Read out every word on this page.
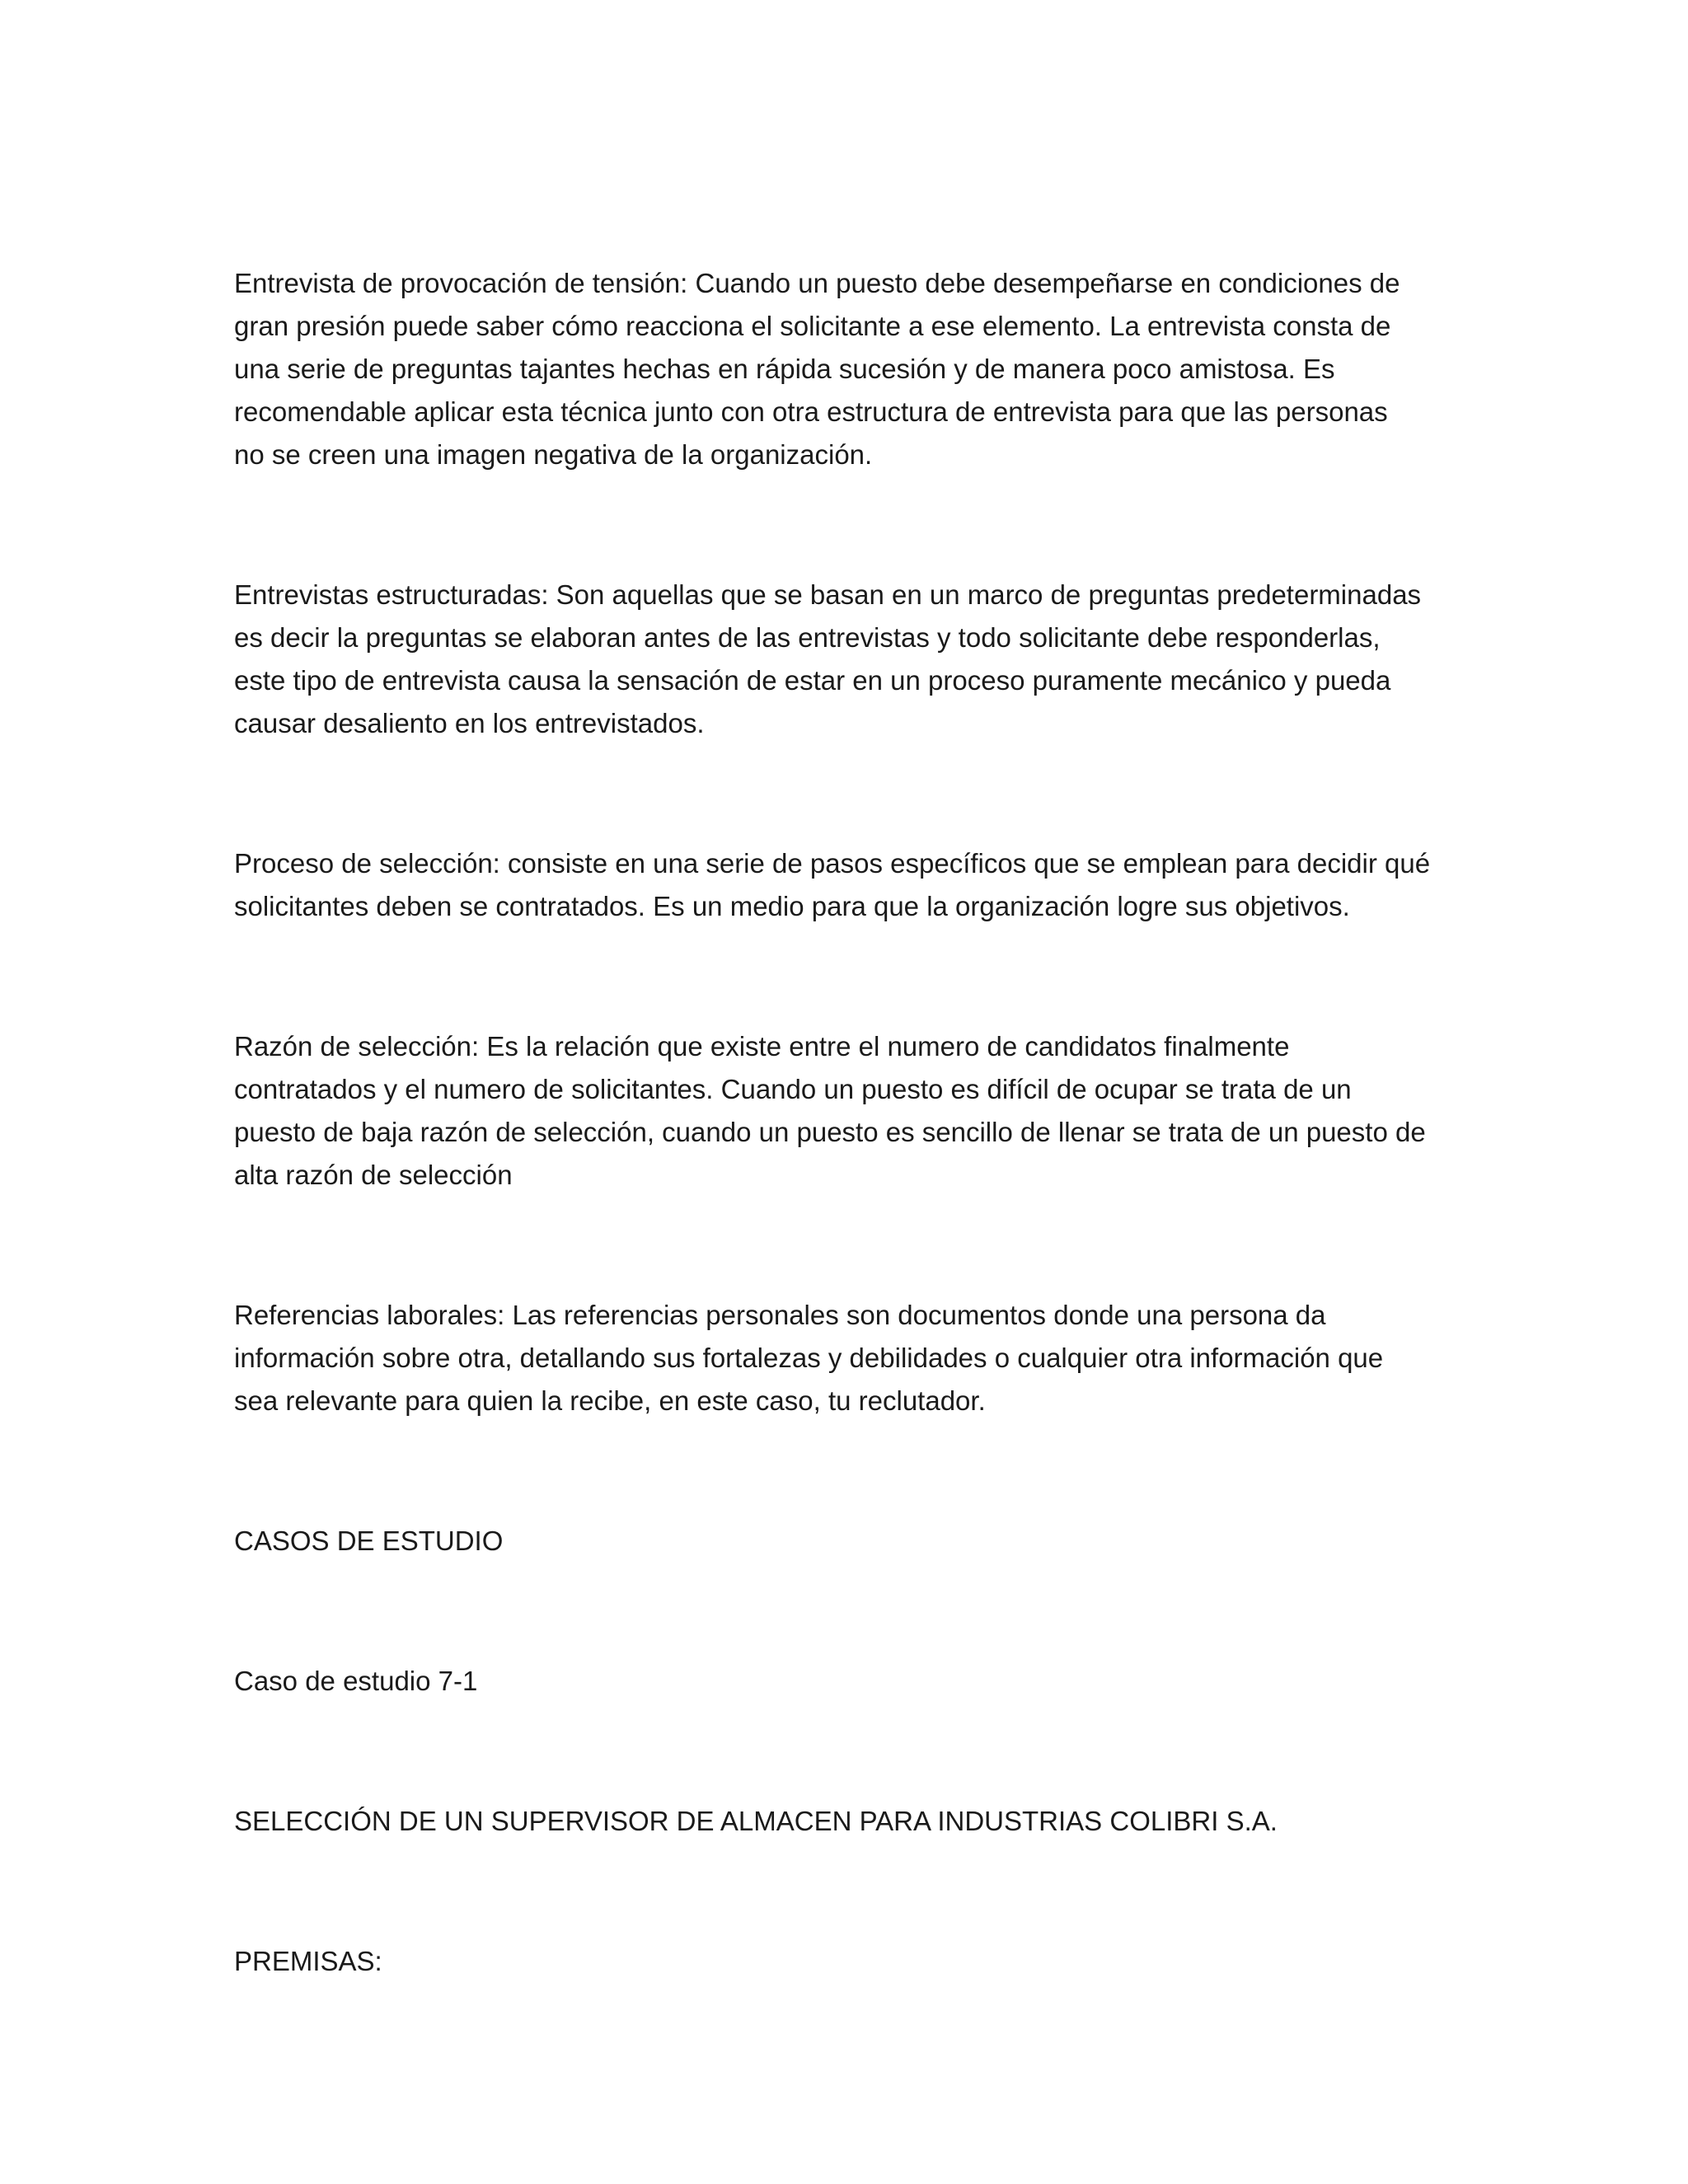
Entrevista de provocación de tensión: Cuando un puesto debe desempeñarse en condiciones de
gran presión puede saber cómo reacciona el solicitante a ese elemento. La entrevista consta de
una serie de preguntas tajantes hechas en rápida sucesión y de manera poco amistosa. Es
recomendable aplicar esta técnica junto con otra estructura de entrevista para que las personas
no se creen una imagen negativa de la organización.

Entrevistas estructuradas: Son aquellas que se basan en un marco de preguntas predeterminadas
es decir la preguntas se elaboran antes de las entrevistas y todo solicitante debe responderlas,
este tipo de entrevista causa la sensación de estar en un proceso puramente mecánico y pueda
causar desaliento en los entrevistados.

Proceso de selección: consiste en una serie de pasos específicos que se emplean para decidir qué
solicitantes deben se contratados. Es un medio para que la organización logre sus objetivos.

Razón de selección: Es la relación que existe entre el numero de candidatos finalmente
contratados y el numero de solicitantes. Cuando un puesto es difícil de ocupar se trata de un
puesto de baja razón de selección, cuando un puesto es sencillo de llenar se trata de un puesto de
alta razón de selección

Referencias laborales: Las referencias personales son documentos donde una persona da
información sobre otra, detallando sus fortalezas y debilidades o cualquier otra información que
sea relevante para quien la recibe, en este caso, tu reclutador.

CASOS DE ESTUDIO

Caso de estudio 7-1

SELECCIÓN DE UN SUPERVISOR DE ALMACEN PARA INDUSTRIAS COLIBRI S.A.

PREMISAS:
